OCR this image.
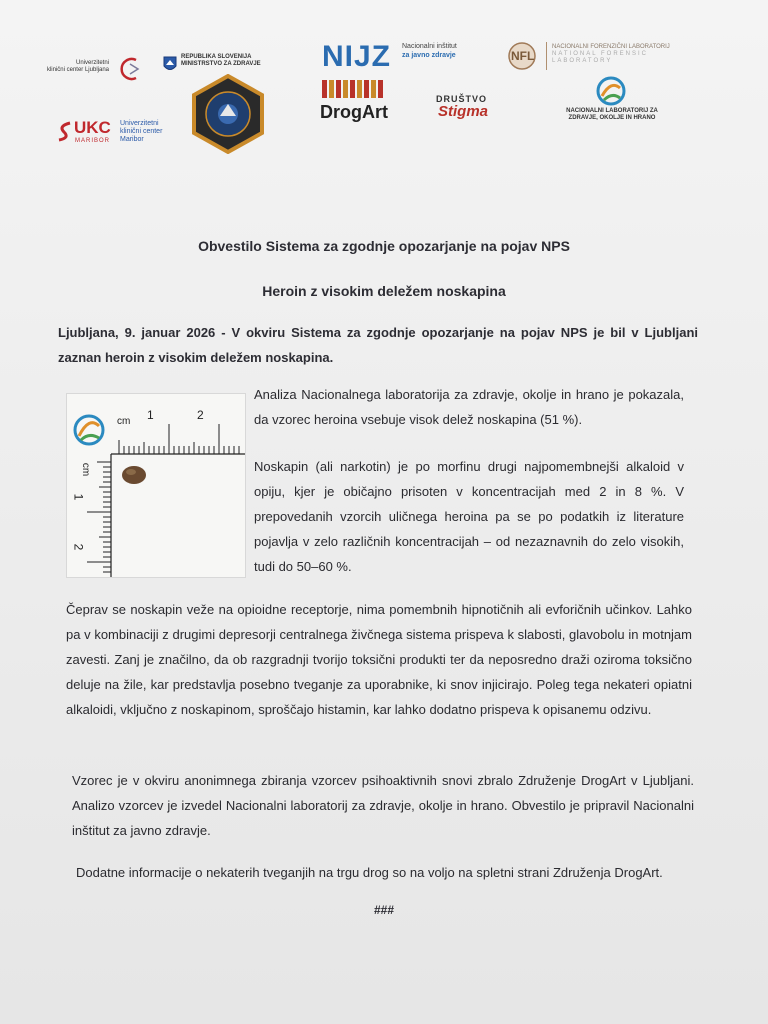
Univerzitetni
klinični center Ljubljana
REPUBLIKA SLOVENIJA
MINISTRSTVO ZA ZDRAVJE NIJZ Nacionalni inštitut
za javno zdravje	NFL
NACIONALNI FORENZIČNI LABORATORIJ
NATIONAL FORENSIC LABORATORY
UKC
MARIBOR
Univerzitetni
klinični center
Maribor
DrogArt
DRUŠTVO
Stigma	NACIONALNI LABORATORIJ ZA
ZDRAVJE, OKOLJE IN HRANO
Obvestilo Sistema za zgodnje opozarjanje na pojav NPS
Heroin z visokim deležem noskapina
Ljubljana, 9. januar 2026 - V okviru Sistema za zgodnje opozarjanje na pojav NPS je bil v Ljubljani zaznan heroin z visokim deležem noskapina.
cm 1	2
cm
1
2
Analiza Nacionalnega laboratorija za zdravje, okolje in hrano je pokazala, da vzorec heroina vsebuje visok delež noskapina (51 %).
Noskapin (ali narkotin) je po morfinu drugi najpomembnejši alkaloid v opiju, kjer je običajno prisoten v koncentracijah med 2 in 8 %. V prepovedanih vzorcih uličnega heroina pa se po podatkih iz literature pojavlja v zelo različnih koncentracijah – od nezaznavnih do zelo visokih, tudi do 50–60 %.
Čeprav se noskapin veže na opioidne receptorje, nima pomembnih hipnotičnih ali evforičnih učinkov. Lahko pa v kombinaciji z drugimi depresorji centralnega živčnega sistema prispeva k slabosti, glavobolu in motnjam zavesti. Zanj je značilno, da ob razgradnji tvorijo toksični produkti ter da neposredno draži oziroma toksično deluje na žile, kar predstavlja posebno tveganje za uporabnike, ki snov injicirajo. Poleg tega nekateri opiatni alkaloidi, vključno z noskapinom, sproščajo histamin, kar lahko dodatno prispeva k opisanemu odzivu.
Vzorec je v okviru anonimnega zbiranja vzorcev psihoaktivnih snovi zbralo Združenje DrogArt v Ljubljani. Analizo vzorcev je izvedel Nacionalni laboratorij za zdravje, okolje in hrano. Obvestilo je pripravil Nacionalni inštitut za javno zdravje.
Dodatne informacije o nekaterih tveganjih na trgu drog so na voljo na spletni strani Združenja DrogArt.
###
